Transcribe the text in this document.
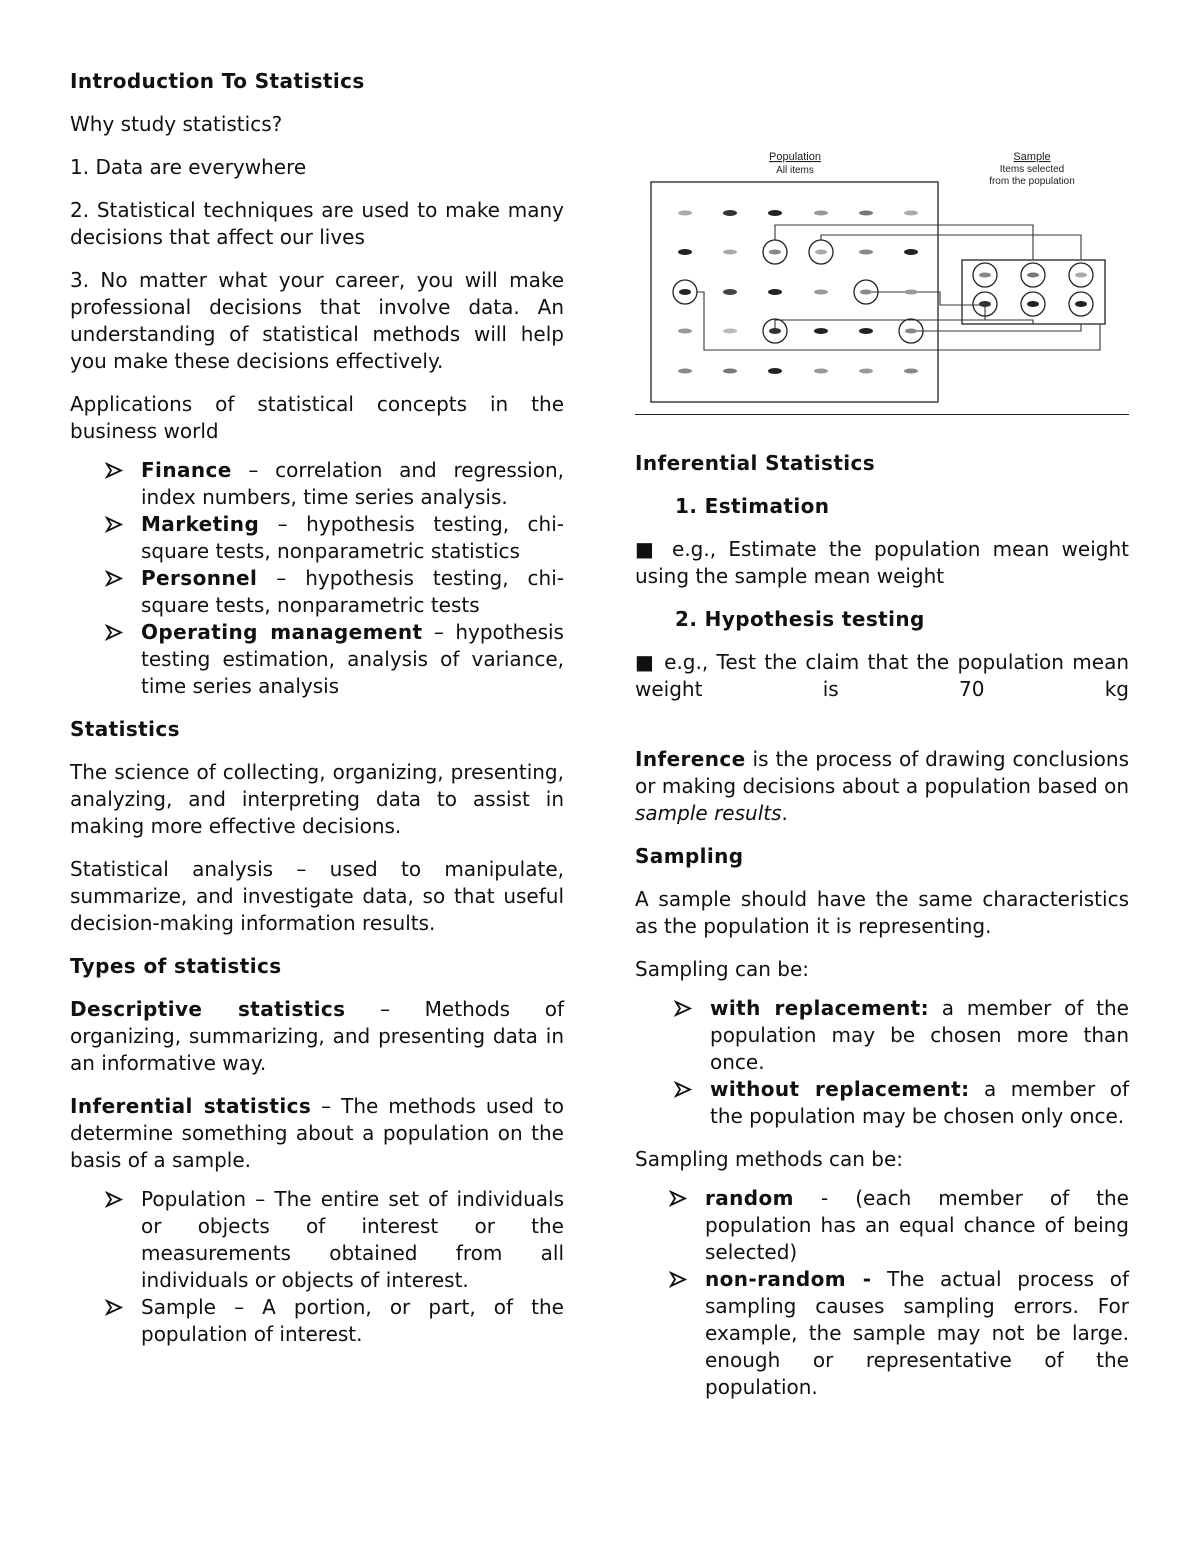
Introduction To Statistics

Why study statistics?

1. Data are everywhere

2. Statistical techniques are used to make many decisions that affect our lives

3. No matter what your career, you will make professional decisions that involve data. An understanding of statistical methods will help you make these decisions effectively.

Applications of statistical concepts in the business world

Finance – correlation and regression, index numbers, time series analysis.
Marketing – hypothesis testing, chi-square tests, nonparametric statistics
Personnel – hypothesis testing, chi-square tests, nonparametric tests
Operating management – hypothesis testing estimation, analysis of variance, time series analysis
Statistics

The science of collecting, organizing, presenting, analyzing, and interpreting data to assist in making more effective decisions.

Statistical analysis – used to manipulate, summarize, and investigate data, so that useful decision-making information results.

Types of statistics

Descriptive statistics – Methods of organizing, summarizing, and presenting data in an informative way.

Inferential statistics – The methods used to determine something about a population on the basis of a sample.

Population – The entire set of individuals or objects of interest or the measurements obtained from all individuals or objects of interest.
Sample – A portion, or part, of the population of interest.
Population
All items
Sample
Items selected
from the population
Inferential Statistics

1. Estimation

■ e.g., Estimate the population mean weight using the sample mean weight

2. Hypothesis testing

■ e.g., Test the claim that the population mean weight is 70 kg

Inference is the process of drawing conclusions or making decisions about a population based on sample results.

Sampling

A sample should have the same characteristics as the population it is representing.

Sampling can be:

with replacement: a member of the population may be chosen more than once.
without replacement: a member of the population may be chosen only once.

Sampling methods can be:

random - (each member of the population has an equal chance of being selected)
non-random - The actual process of sampling causes sampling errors. For example, the sample may not be large. enough or representative of the population.
